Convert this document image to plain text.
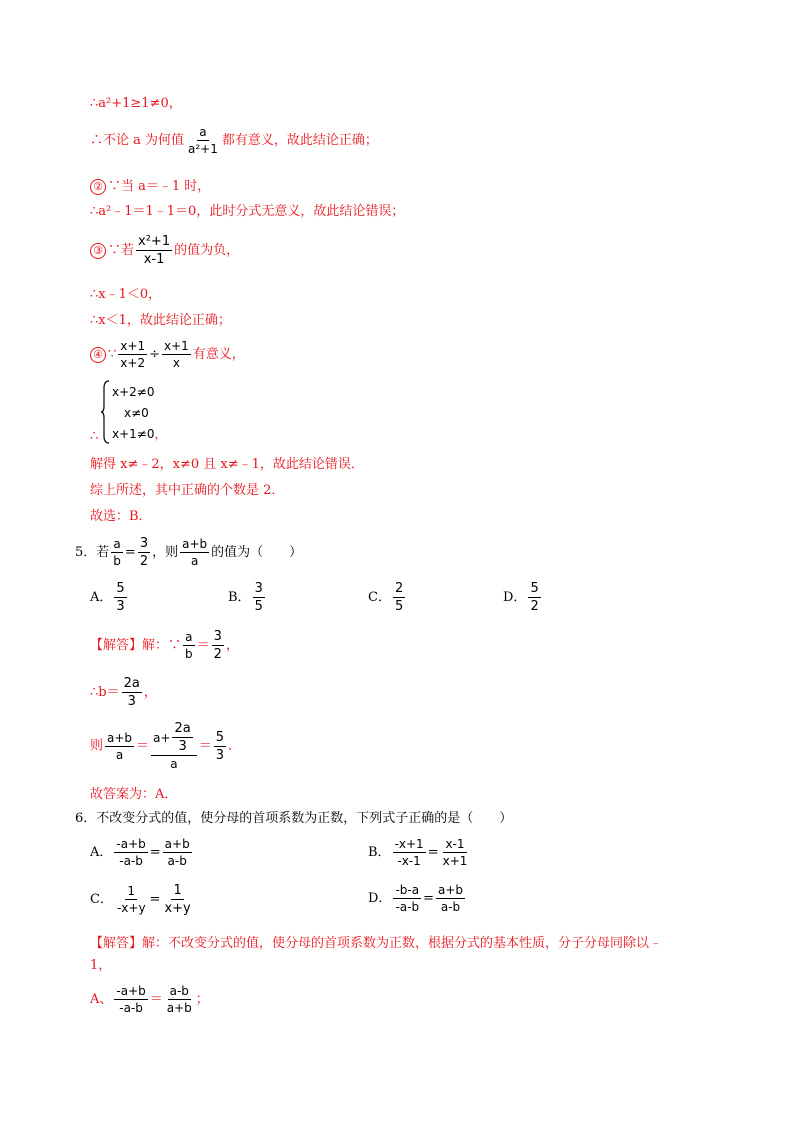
∴a²+1≥1≠0，
∴不论 a 为何值 $\frac{a}{\text{a²+1}}$ 都有意义，故此结论正确；
② ∵当 a＝﹣1 时，
∴a²﹣1＝1﹣1＝0，此时分式无意义，故此结论错误；
③ ∵若 $\frac{\text{x²+1}}{x-1}$ 的值为负，
∴x﹣1＜0，
∴x＜1，故此结论正确；
④ ∵ $\frac{x+1}{x+2} \div \frac{x+1}{x}$ 有意义，
∴
x+2≠0
x≠0
x+1≠0，
解得 x≠﹣2，x≠0 且 x≠﹣1，故此结论错误．
综上所述，其中正确的个数是 2．
故选：B．
5．若 $\frac{a}{b} = \frac{3}{2}$ ，则 $\frac{a+b}{a}$ 的值为（　　）
A． $\frac{5}{3}$	B． $\frac{3}{5}$	C． $\frac{2}{5}$	D． $\frac{5}{2}$
【解答】解：∵ $\frac{a}{b} = \frac{3}{2}$ ，
∴b＝ $\frac{2a}{3}$ ，
则 $\frac{a+b}{a} = \frac{a+ \frac{2a}{3}}{a} = \frac{5}{3}$ ．
故答案为：A．
6．不改变分式的值，使分母的首项系数为正数，下列式子正确的是（　　）
A． $\frac{-a+b}{-a-b} = \frac{a+b}{a-b}$	B． $\frac{-x+1}{-x-1} = \frac{x-1}{x+1}$
C． $\frac{1}{-x+y} = \frac{1}{x+y}$	D． $\frac{-b-a}{-a-b} = \frac{a+b}{a-b}$
【解答】解：不改变分式的值，使分母的首项系数为正数，根据分式的基本性质，分子分母同除以﹣
1，
A、 $\frac{-a+b}{-a-b} = \frac{a-b}{a+b}$ ；
